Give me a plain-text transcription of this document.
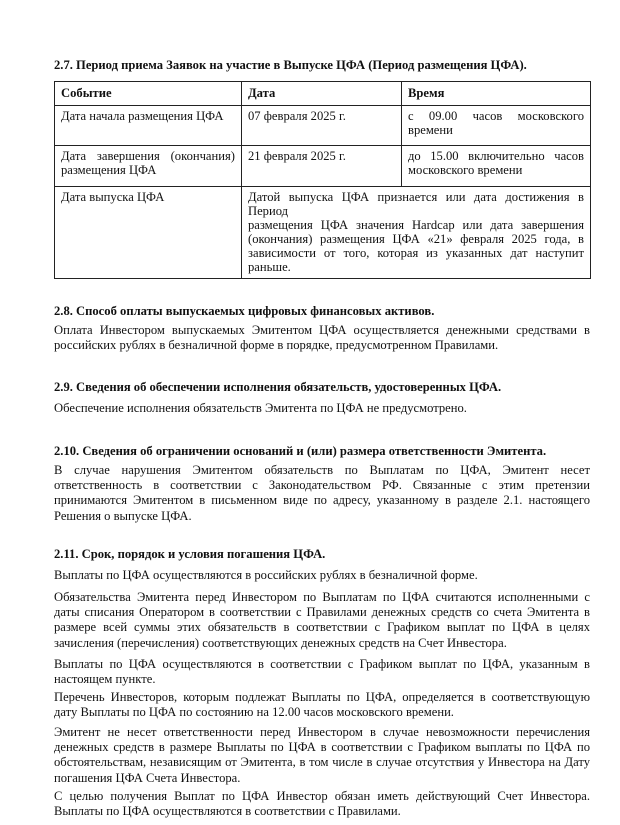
2.7. Период приема Заявок на участие в Выпуске ЦФА (Период размещения ЦФА).
Событие	Дата	Время

Дата начала размещения ЦФА	07 февраля 2025 г.	с 09.00 часов московского
времени

Дата завершения (окончания)
размещения ЦФА	21 февраля 2025 г.	до 15.00 включительно часов
московского времени

Дата выпуска ЦФА	Датой выпуска ЦФА признается или дата достижения в Период
размещения ЦФА значения Hardcap или дата завершения
(окончания) размещения ЦФА «21» февраля 2025 года, в
зависимости от того, которая из указанных дат наступит
раньше.	
2.8. Способ оплаты выпускаемых цифровых финансовых активов.
Оплата Инвестором выпускаемых Эмитентом ЦФА осуществляется денежными средствами в
российских рублях в безналичной форме в порядке, предусмотренном Правилами.
2.9. Сведения об обеспечении исполнения обязательств, удостоверенных ЦФА.
Обеспечение исполнения обязательств Эмитента по ЦФА не предусмотрено.
2.10. Сведения об ограничении оснований и (или) размера ответственности Эмитента.
В случае нарушения Эмитентом обязательств по Выплатам по ЦФА, Эмитент несет
ответственность в соответствии с Законодательством РФ. Связанные с этим претензии
принимаются Эмитентом в письменном виде по адресу, указанному в разделе 2.1. настоящего
Решения о выпуске ЦФА.
2.11. Срок, порядок и условия погашения ЦФА.
Выплаты по ЦФА осуществляются в российских рублях в безналичной форме.
Обязательства Эмитента перед Инвестором по Выплатам по ЦФА считаются исполненными с
даты списания Оператором в соответствии с Правилами денежных средств со счета Эмитента в
размере всей суммы этих обязательств в соответствии с Графиком выплат по ЦФА в целях
зачисления (перечисления) соответствующих денежных средств на Счет Инвестора.
Выплаты по ЦФА осуществляются в соответствии с Графиком выплат по ЦФА, указанным в
настоящем пункте.
Перечень Инвесторов, которым подлежат Выплаты по ЦФА, определяется в соответствующую
дату Выплаты по ЦФА по состоянию на 12.00 часов московского времени.
Эмитент не несет ответственности перед Инвестором в случае невозможности перечисления
денежных средств в размере Выплаты по ЦФА в соответствии с Графиком выплаты по ЦФА по
обстоятельствам, независящим от Эмитента, в том числе в случае отсутствия у Инвестора на Дату
погашения ЦФА Счета Инвестора.
С целью получения Выплат по ЦФА Инвестор обязан иметь действующий Счет Инвестора.
Выплаты по ЦФА осуществляются в соответствии с Правилами.
